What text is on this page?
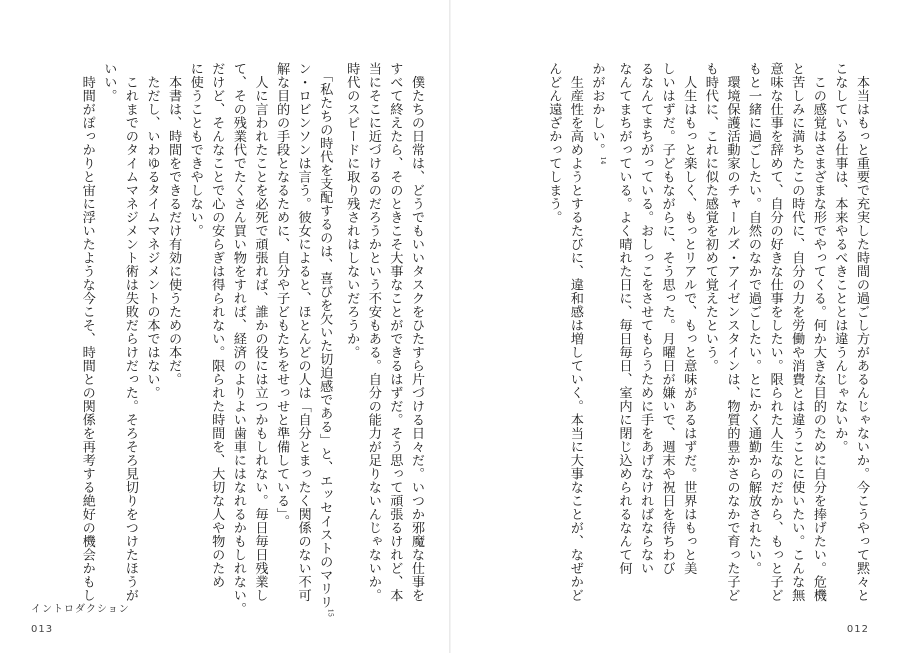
　僕たちの日常は、どうでもいいタスクをひたすら片づける日々だ。いつか邪魔な仕事を
すべて終えたら、そのときこそ大事なことができるはずだ。そう思って頑張るけれど、本
当にそこに近づけるのだろうかという不安もある。自分の能力が足りないんじゃないか。
時代のスピードに取り残されはしないだろうか。
　「私たちの時代を支配するのは、喜びを欠いた切迫感である」と、エッセイストのマリリ$^{15}$
ン・ロビンソンは言う。彼女によると、ほとんどの人は「自分とまったく関係のない不可
解な目的の手段となるために、自分や子どもたちをせっせと準備している」。
　人に言われたことを必死で頑張れば、誰かの役には立つかもしれない。毎日毎日残業し
て、その残業代でたくさん買い物をすれば、経済のよりよい歯車にはなれるかもしれない。
だけど、そんなことで心の安らぎは得られない。限られた時間を、大切な人や物のため
に使うこともできやしない。
　本書は、時間をできるだけ有効に使うための本だ。
　ただし、いわゆるタイムマネジメントの本ではない。
　これまでのタイムマネジメント術は失敗だらけだった。そろそろ見切りをつけたほうが
いい。
　時間がぽっかりと宙に浮いたような今こそ、時間との関係を再考する絶好の機会かもし
イントロダクション
013
　本当はもっと重要で充実した時間の過ごし方があるんじゃないか。今こうやって黙々と
こなしている仕事は、本来やるべきこととは違うんじゃないか。
　この感覚はさまざまな形でやってくる。何か大きな目的のために自分を捧げたい。危機
と苦しみに満ちたこの時代に、自分の力を労働や消費とは違うことに使いたい。こんな無
意味な仕事を辞めて、自分の好きな仕事をしたい。限られた人生なのだから、もっと子ど
もと一緒に過ごしたい。自然のなかで過ごしたい。とにかく通勤から解放されたい。
　環境保護活動家のチャールズ・アイゼンスタインは、物質的豊かさのなかで育った子ど
も時代に、これに似た感覚を初めて覚えたという。
　人生はもっと楽しく、もっとリアルで、もっと意味があるはずだ。世界はもっと美
しいはずだ。子どもながらに、そう思った。月曜日が嫌いで、週末や祝日を待ちわび
るなんてまちがっている。おしっこをさせてもらうために手をあげなければならない
なんてまちがっている。よく晴れた日に、毎日毎日、室内に閉じ込められるなんて何
かがおかしい。$^{14}$
　生産性を高めようとするたびに、違和感は増していく。本当に大事なことが、なぜかど
んどん遠ざかってしまう。
012
